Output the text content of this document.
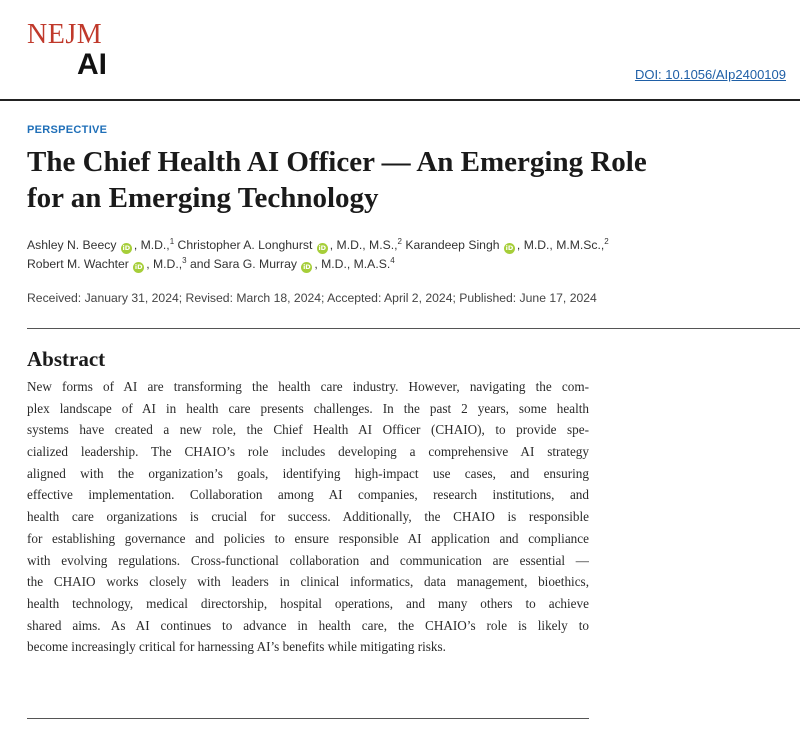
NEJM
AI	DOI: 10.1056/AIp2400109
PERSPECTIVE
The Chief Health AI Officer — An Emerging Role
for an Emerging Technology
Ashley N. Beecy iD , M.D.,$^1$ Christopher A. Longhurst iD , M.D., M.S.,$^2$ Karandeep Singh iD , M.D., M.M.Sc.,$^2$
Robert M. Wachter iD , M.D.,$^3$ and Sara G. Murray iD , M.D., M.A.S.$^4$
Received: January 31, 2024; Revised: March 18, 2024; Accepted: April 2, 2024; Published: June 17, 2024
Abstract
New forms of AI are transforming the health care industry. However, navigating the com-
plex landscape of AI in health care presents challenges. In the past 2 years, some health
systems have created a new role, the Chief Health AI Officer (CHAIO), to provide spe-
cialized leadership. The CHAIO’s role includes developing a comprehensive AI strategy
aligned with the organization’s goals, identifying high-impact use cases, and ensuring
effective implementation. Collaboration among AI companies, research institutions, and
health care organizations is crucial for success. Additionally, the CHAIO is responsible
for establishing governance and policies to ensure responsible AI application and compliance
with evolving regulations. Cross-functional collaboration and communication are essential —
the CHAIO works closely with leaders in clinical informatics, data management, bioethics,
health technology, medical directorship, hospital operations, and many others to achieve
shared aims. As AI continues to advance in health care, the CHAIO’s role is likely to
become increasingly critical for harnessing AI’s benefits while mitigating risks.
